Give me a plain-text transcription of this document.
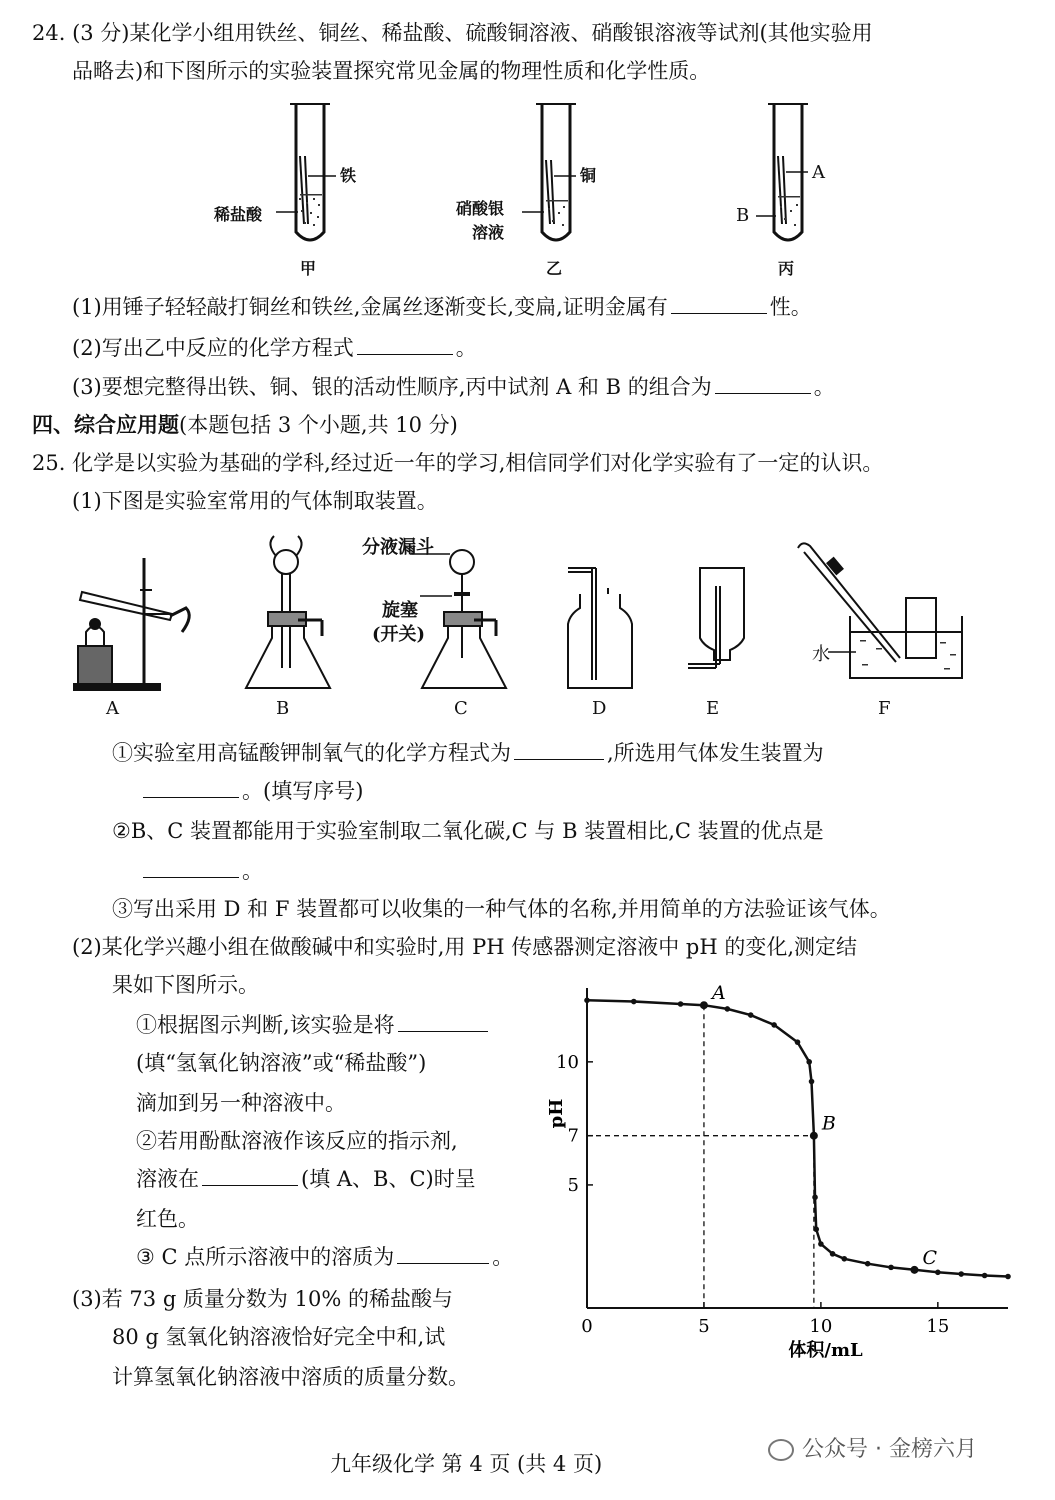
24. (3 分)某化学小组用铁丝、铜丝、稀盐酸、硫酸铜溶液、硝酸银溶液等试剂(其他实验用
品略去)和下图所示的实验装置探究常见金属的物理性质和化学性质。
铁
稀盐酸
铜
硝酸银
溶液
A
B
甲	乙	丙
(1)用锤子轻轻敲打铜丝和铁丝,金属丝逐渐变长,变扁,证明金属有	性。
(2)写出乙中反应的化学方程式	。
(3)要想完整得出铁、铜、银的活动性顺序,丙中试剂 A 和 B 的组合为	。
四、综合应用题(本题包括 3 个小题,共 10 分)
25. 化学是以实验为基础的学科,经过近一年的学习,相信同学们对化学实验有了一定的认识。
(1)下图是实验室常用的气体制取装置。
分液漏斗
旋塞
(开关)
水
A	B	C	D	E	F
①实验室用高锰酸钾制氧气的化学方程式为	,所选用气体发生装置为
。(填写序号)
②B、C 装置都能用于实验室制取二氧化碳,C 与 B 装置相比,C 装置的优点是
。
③写出采用 D 和 F 装置都可以收集的一种气体的名称,并用简单的方法验证该气体。
(2)某化学兴趣小组在做酸碱中和实验时,用 PH 传感器测定溶液中 pH 的变化,测定结
果如下图所示。
①根据图示判断,该实验是将
(填“氢氧化钠溶液”或“稀盐酸”)
滴加到另一种溶液中。
②若用酚酞溶液作该反应的指示剂,
溶液在	(填 A、B、C)时呈
红色。
③ C 点所示溶液中的溶质为	。
(3)若 73 g 质量分数为 10% 的稀盐酸与
80 g 氢氧化钠溶液恰好完全中和,试
计算氢氧化钠溶液中溶质的质量分数。
0	5	10	15
5
7
10
体积/mL
pH
A
B
C
九年级化学 第 4 页 (共 4 页)
公众号 · 金榜六月
